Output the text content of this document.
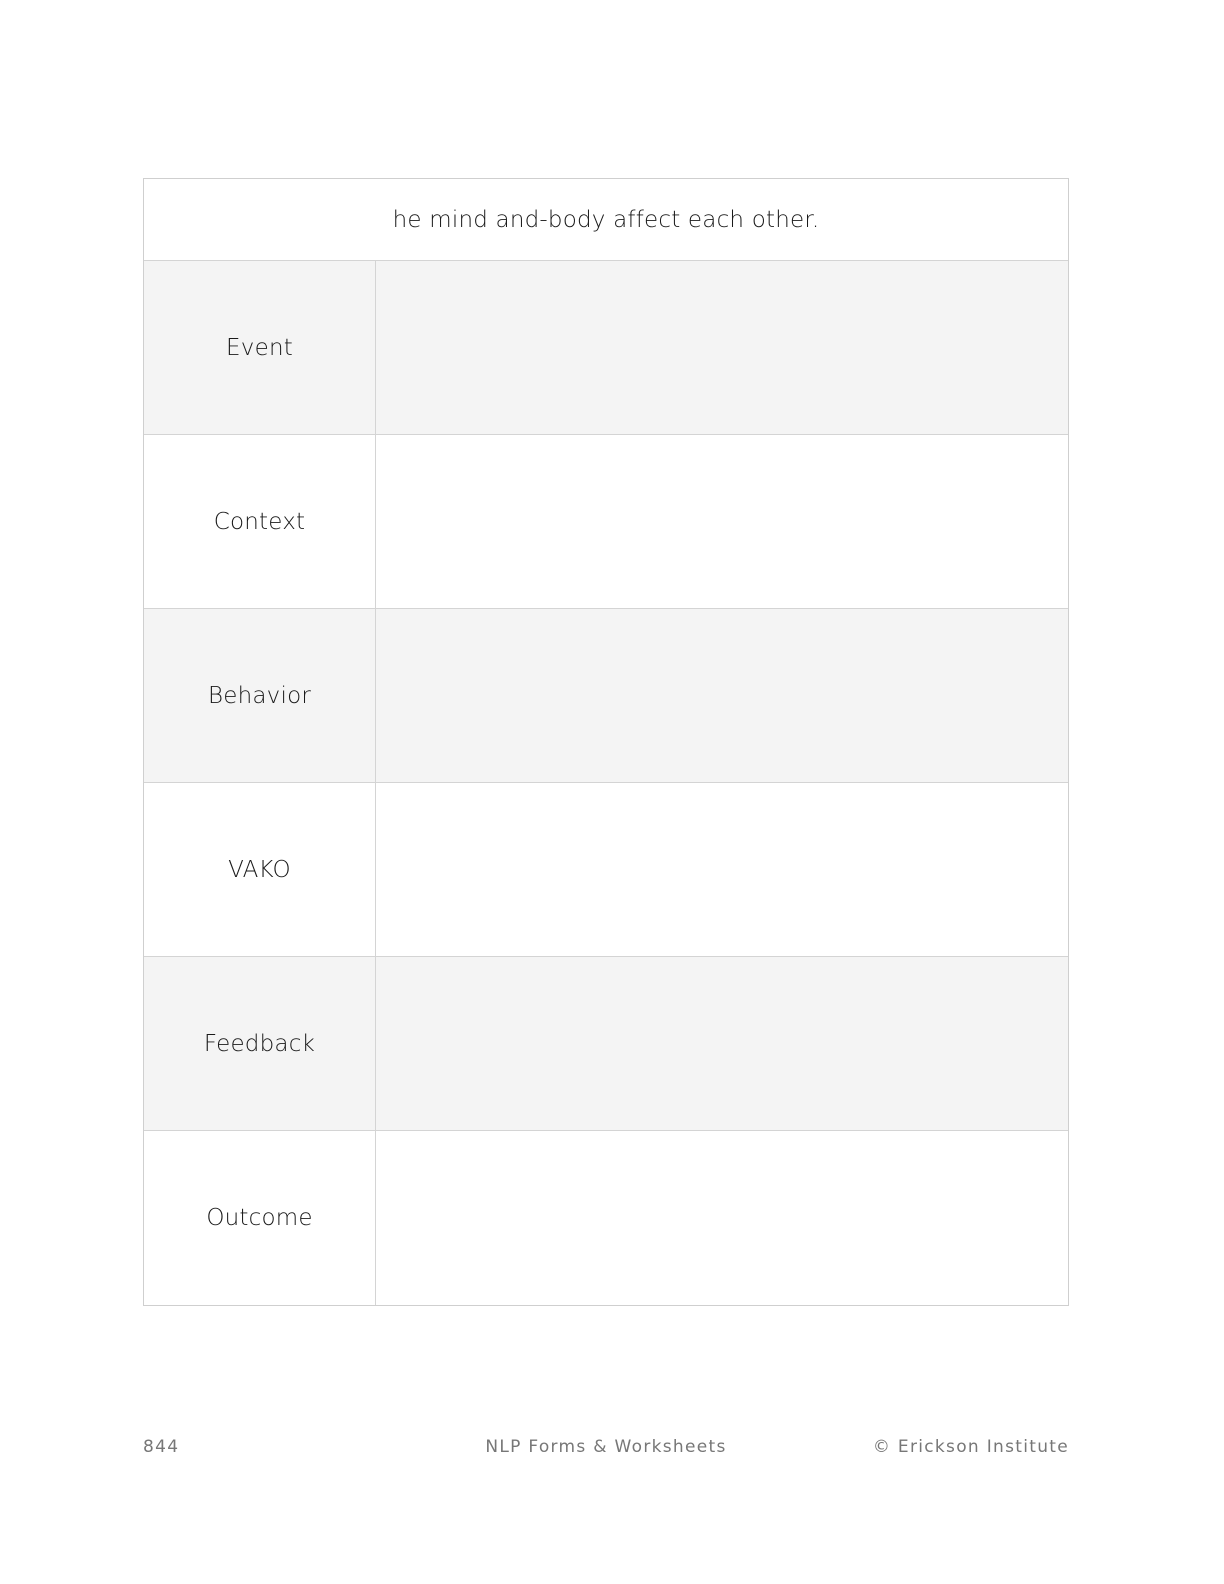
he mind and-body affect each other.
Event
Context
Behavior
VAKO
Feedback
Outcome
844	NLP Forms & Worksheets	© Erickson Institute
